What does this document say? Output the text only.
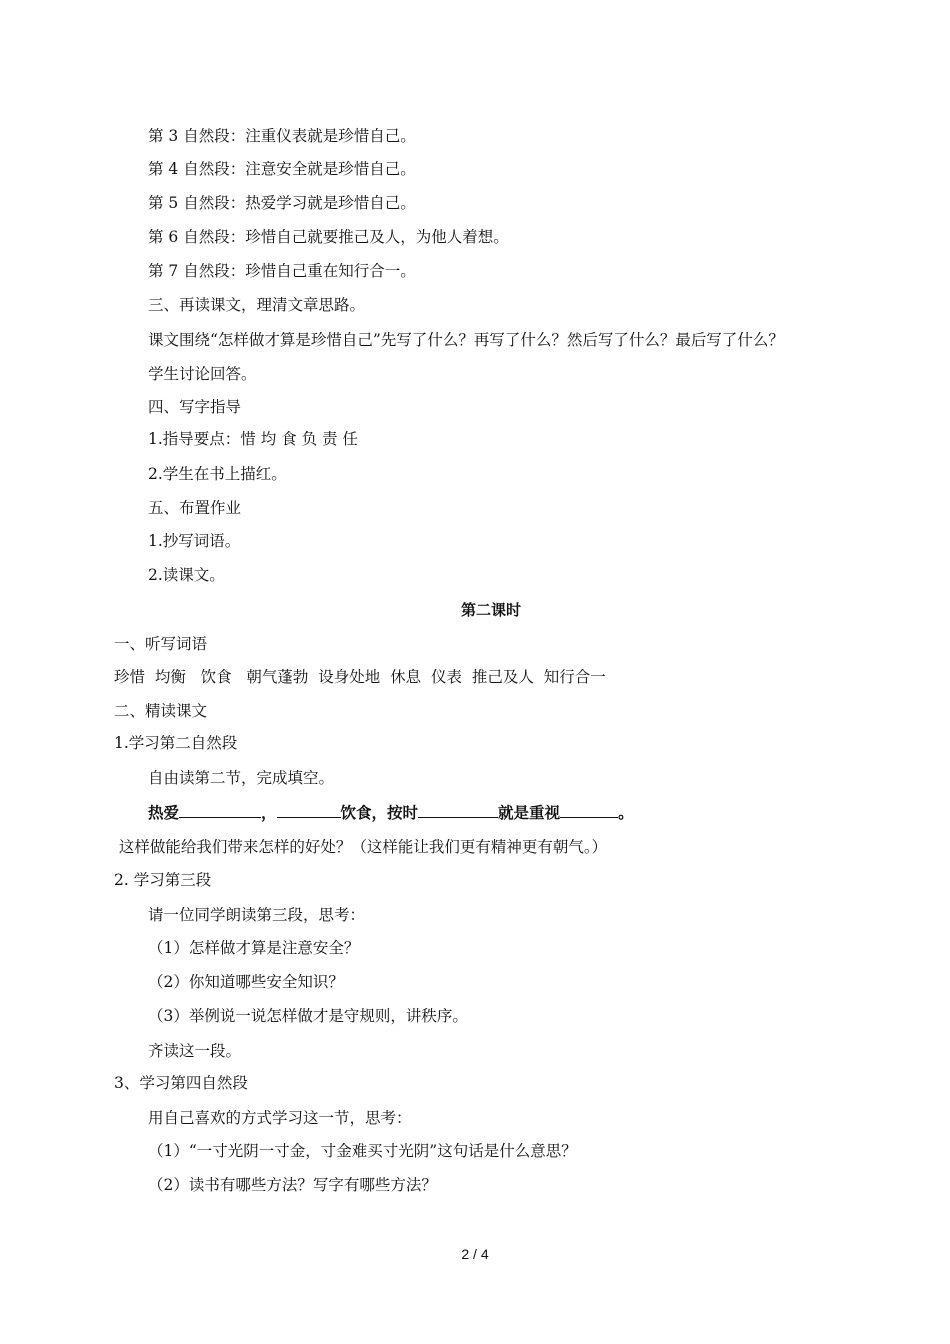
第 3 自然段：注重仪表就是珍惜自己。
第 4 自然段：注意安全就是珍惜自己。
第 5 自然段：热爱学习就是珍惜自己。
第 6 自然段：珍惜自己就要推己及人，为他人着想。
第 7 自然段：珍惜自己重在知行合一。
三、再读课文，理清文章思路。
课文围绕“怎样做才算是珍惜自己”先写了什么？再写了什么？然后写了什么？最后写了什么？
学生讨论回答。
四、写字指导
1.指导要点：惜 均 食 负 责 任
2.学生在书上描红。
五、布置作业
1.抄写词语。
2.读课文。
第二课时
一、听写词语
珍惜  均衡   饮食   朝气蓬勃  设身处地  休息  仪表  推己及人  知行合一
二、精读课文
1.学习第二自然段
自由读第二节，完成填空。
热爱	，	饮食，按时	就是重视	。
这样做能给我们带来怎样的好处？（这样能让我们更有精神更有朝气。）
2. 学习第三段
请一位同学朗读第三段，思考：
（1）怎样做才算是注意安全？
（2）你知道哪些安全知识？
（3）举例说一说怎样做才是守规则，讲秩序。
齐读这一段。
3、学习第四自然段
用自己喜欢的方式学习这一节，思考：
（1）“一寸光阴一寸金，寸金难买寸光阴”这句话是什么意思？
（2）读书有哪些方法？写字有哪些方法？
2 / 4
